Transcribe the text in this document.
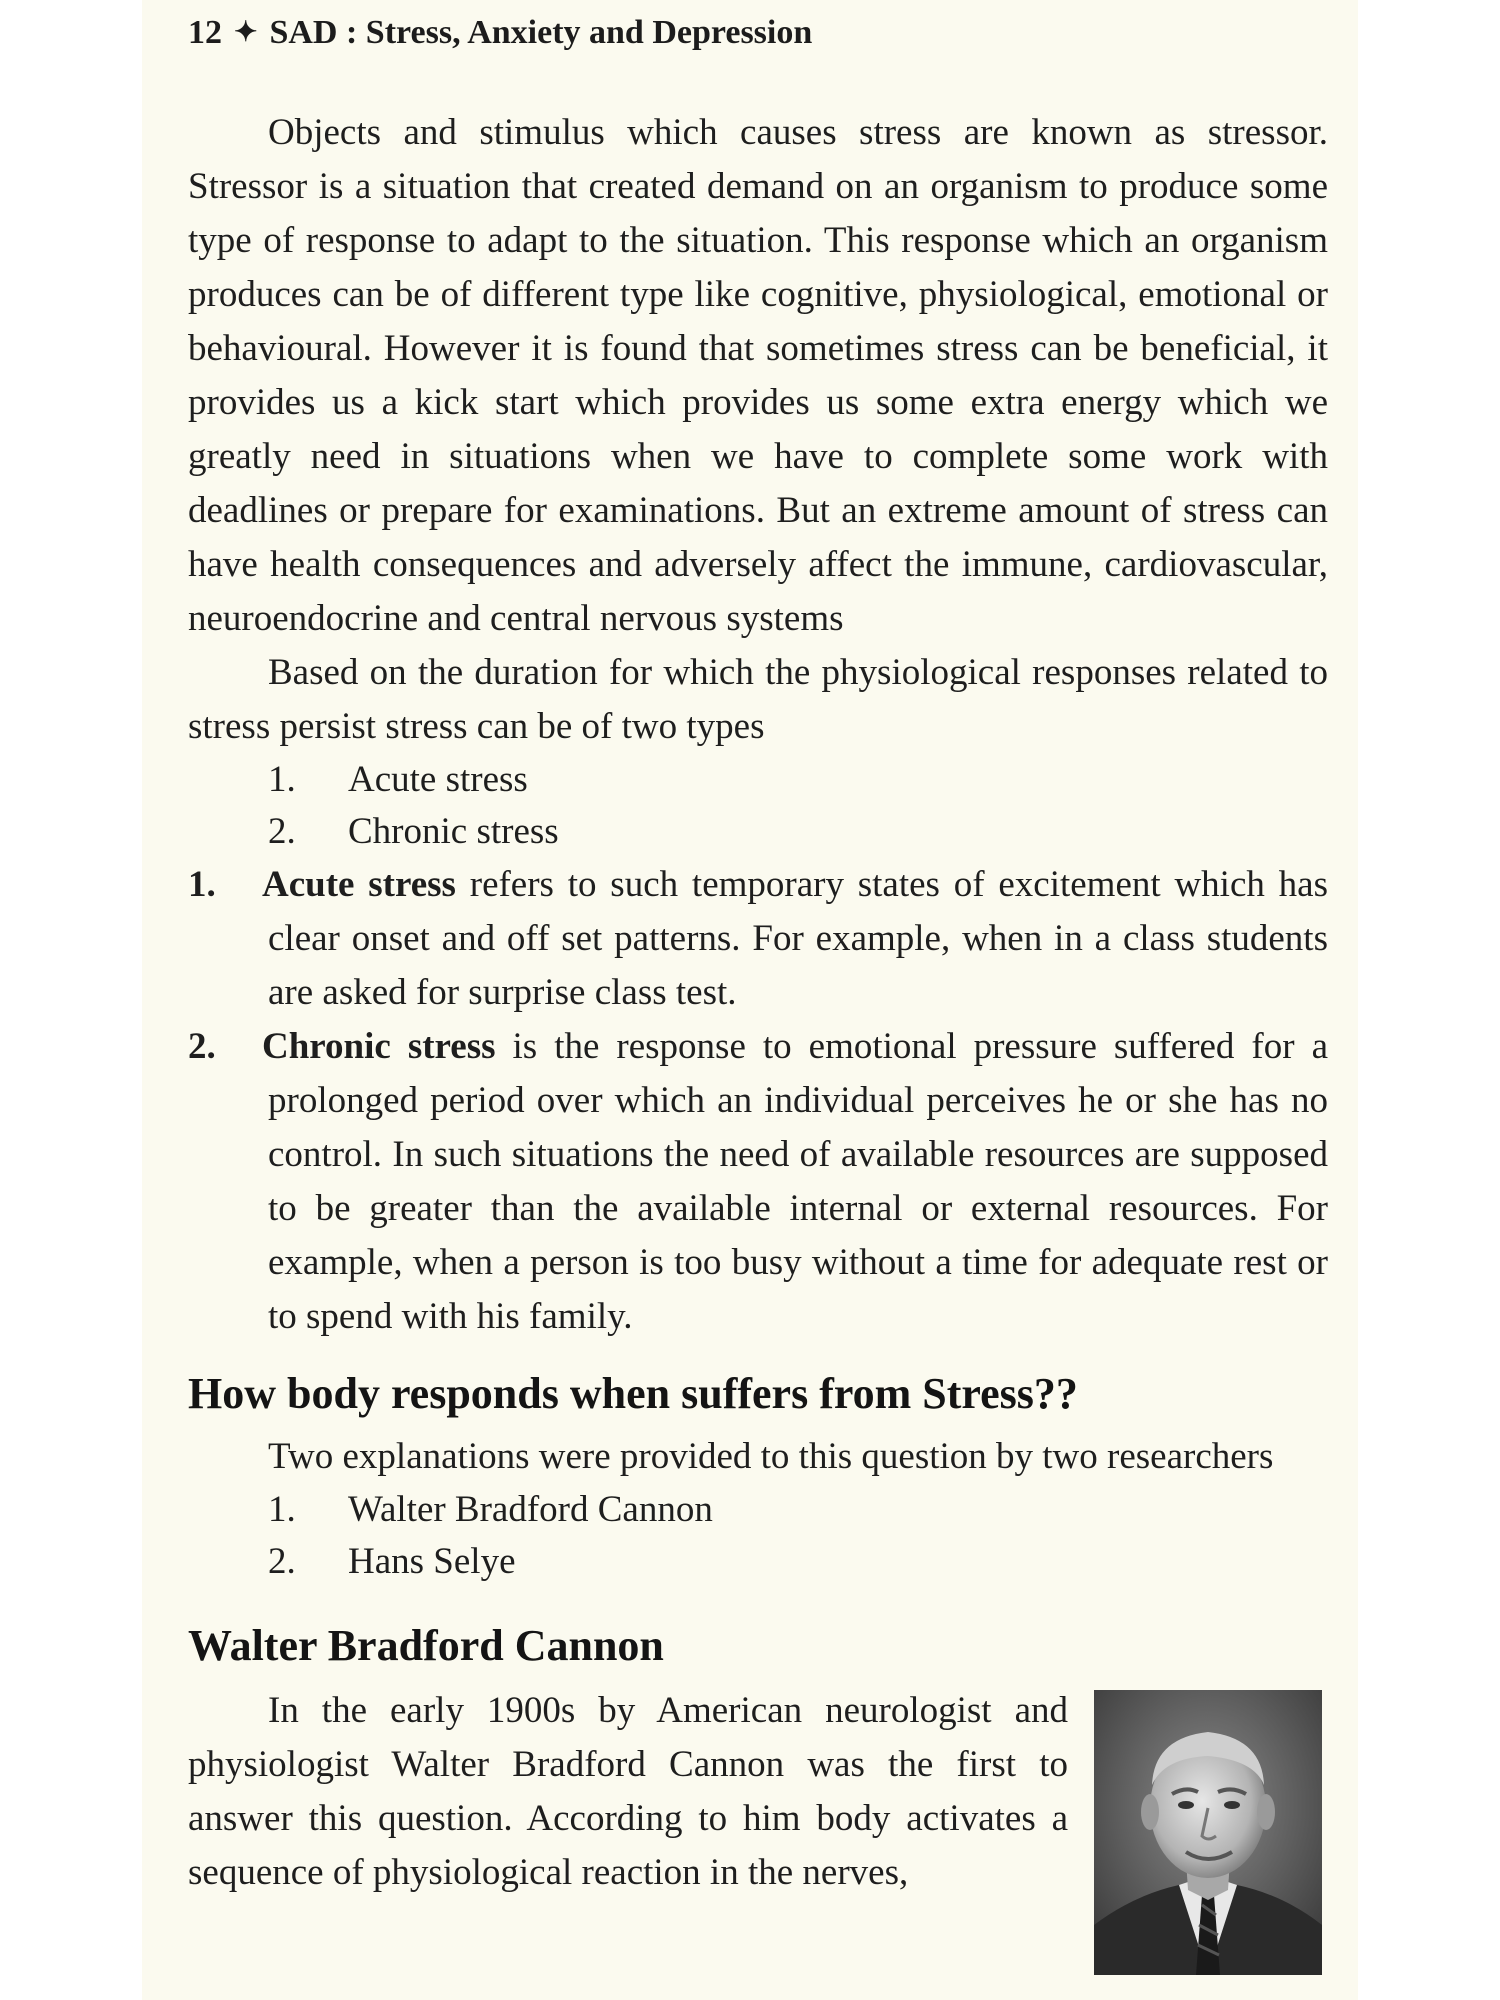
12 ✦ SAD : Stress, Anxiety and Depression

Objects and stimulus which causes stress are known as stressor. Stressor is a situation that created demand on an organism to produce some type of response to adapt to the situation. This response which an organism produces can be of different type like cognitive, physiological, emotional or behavioural. However it is found that sometimes stress can be beneficial, it provides us a kick start which provides us some extra energy which we greatly need in situations when we have to complete some work with deadlines or prepare for examinations. But an extreme amount of stress can have health consequences and adversely affect the immune, cardiovascular, neuroendocrine and central nervous systems

Based on the duration for which the physiological responses related to stress persist stress can be of two types

1.	Acute stress
2.	Chronic stress
1. Acute stress refers to such temporary states of excitement which has clear onset and off set patterns. For example, when in a class students are asked for surprise class test.
2. Chronic stress is the response to emotional pressure suffered for a prolonged period over which an individual perceives he or she has no control. In such situations the need of available resources are supposed to be greater than the available internal or external resources. For example, when a person is too busy without a time for adequate rest or to spend with his family.
How body responds when suffers from Stress??

Two explanations were provided to this question by two researchers

1.	Walter Bradford Cannon
2.	Hans Selye
Walter Bradford Cannon

In the early 1900s by American neurologist and physiologist Walter Bradford Cannon was the first to answer this question. According to him body activates a sequence of physiological reaction in the nerves,
